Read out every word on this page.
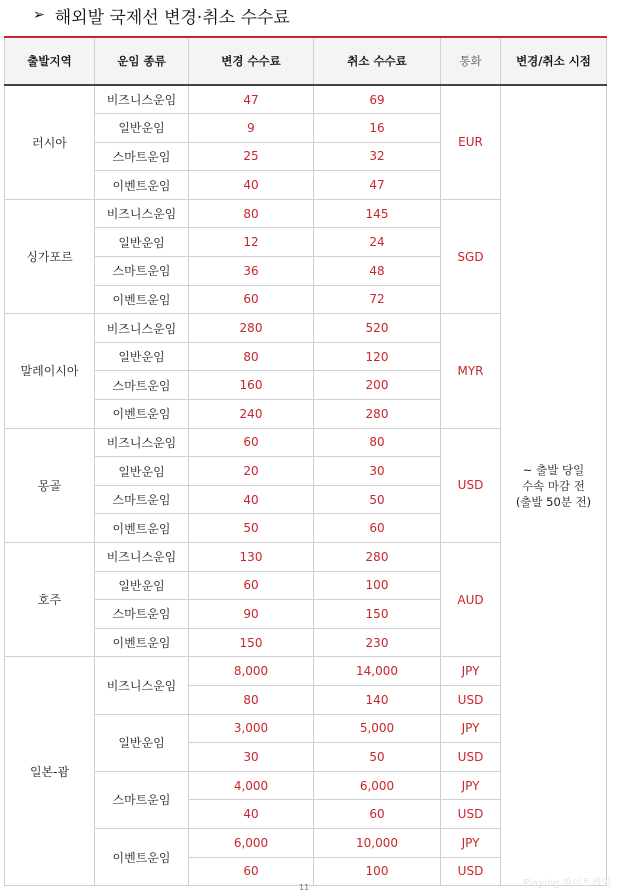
➢ 해외발 국제선 변경·취소 수수료
출발지역	운임 종류	변경 수수료	취소 수수료	통화	변경/취소 시점
러시아	비즈니스운임	47	69	EUR	~ 출발 당일
수속 마감 전
(출발 50분 전)

	일반운임	9	16		
	스마트운임	25	32		
	이벤트운임	40	47		
싱가포르	비즈니스운임	80	145	SGD	
	일반운임	12	24		
	스마트운임	36	48		
	이벤트운임	60	72		
말레이시아	비즈니스운임	280	520	MYR	
	일반운임	80	120		
	스마트운임	160	200		
	이벤트운임	240	280		
몽골	비즈니스운임	60	80	USD	
	일반운임	20	30		
	스마트운임	40	50		
	이벤트운임	50	60		
호주	비즈니스운임	130	280	AUD	
	일반운임	60	100		
	스마트운임	90	150		
	이벤트운임	150	230		
일본-괌	비즈니스운임	8,000	14,000	JPY	
		80	140	USD	
	일반운임	3,000	5,000	JPY	
		30	50	USD	
	스마트운임	4,000	6,000	JPY	
		40	60	USD	
	이벤트운임	6,000	10,000	JPY	
		60	100	USD	
11	Playing 파이트케이
